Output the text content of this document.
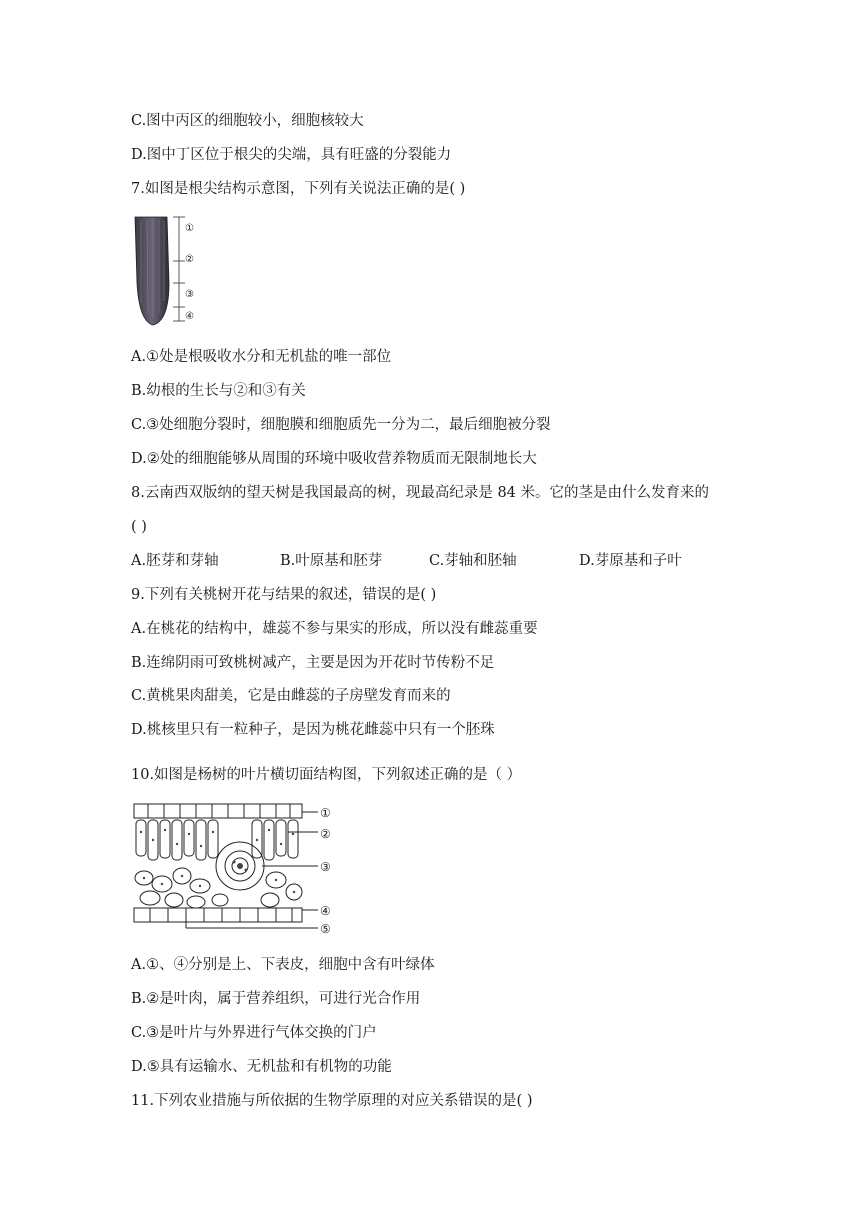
C.图中丙区的细胞较小，细胞核较大
D.图中丁区位于根尖的尖端，具有旺盛的分裂能力
7.如图是根尖结构示意图，下列有关说法正确的是( )
①
②
③
④
A.①处是根吸收水分和无机盐的唯一部位
B.幼根的生长与②和③有关
C.③处细胞分裂时，细胞膜和细胞质先一分为二，最后细胞被分裂
D.②处的细胞能够从周围的环境中吸收营养物质而无限制地长大
8.云南西双版纳的望天树是我国最高的树，现最高纪录是 84 米。它的茎是由什么发育来的
( )
A.胚芽和芽轴	B.叶原基和胚芽	C.芽轴和胚轴	D.芽原基和子叶
9.下列有关桃树开花与结果的叙述，错误的是( )
A.在桃花的结构中，雄蕊不参与果实的形成，所以没有雌蕊重要
B.连绵阴雨可致桃树减产，主要是因为开花时节传粉不足
C.黄桃果肉甜美，它是由雌蕊的子房壁发育而来的
D.桃核里只有一粒种子，是因为桃花雌蕊中只有一个胚珠
10.如图是杨树的叶片横切面结构图，下列叙述正确的是（ ）
①
②
③
④
⑤
A.①、④分别是上、下表皮，细胞中含有叶绿体
B.②是叶肉，属于营养组织，可进行光合作用
C.③是叶片与外界进行气体交换的门户
D.⑤具有运输水、无机盐和有机物的功能
11.下列农业措施与所依据的生物学原理的对应关系错误的是( )
